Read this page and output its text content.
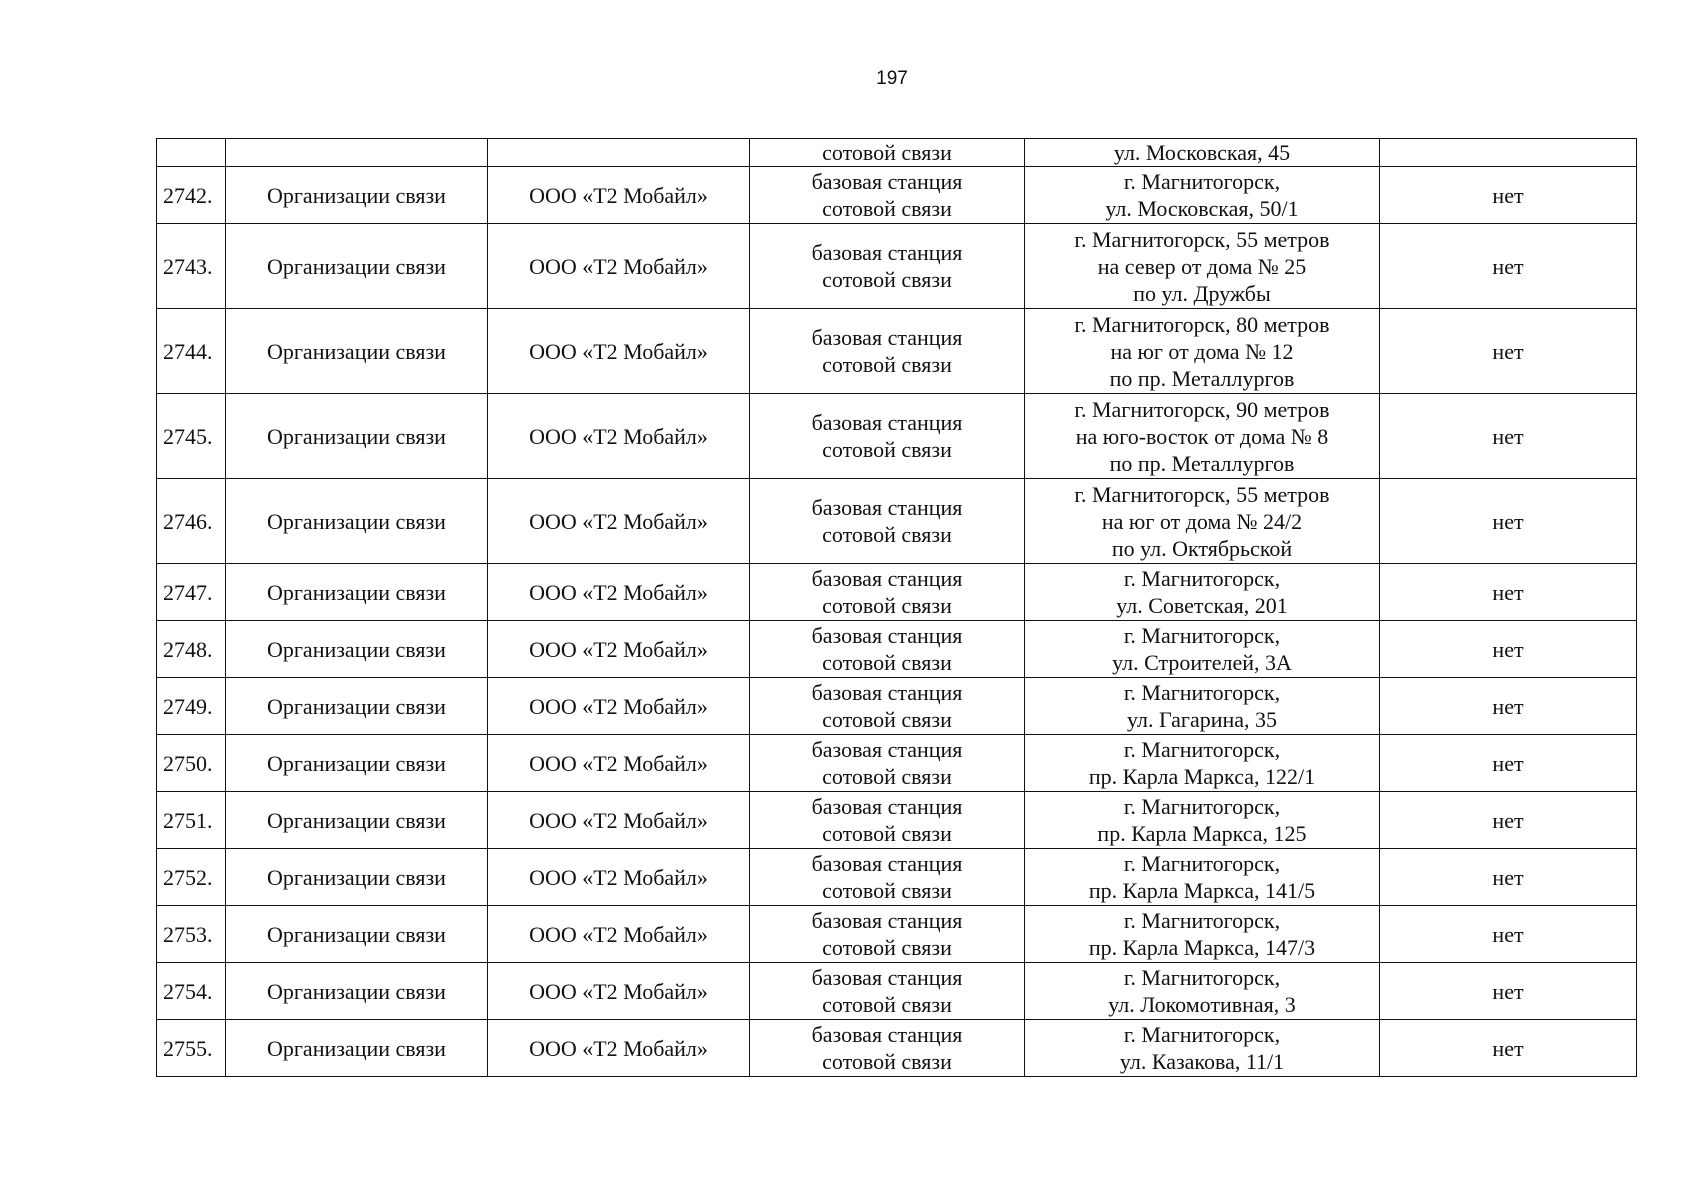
197

			сотовой связи	ул. Московская, 45	

2742.	Организации связи	ООО «Т2 Мобайл»	базовая станция
сотовой связи	г. Магнитогорск,
ул. Московская, 50/1	нет
2743.	Организации связи	ООО «Т2 Мобайл»	базовая станция
сотовой связи	г. Магнитогорск, 55 метров
на север от дома № 25
по ул. Дружбы	нет
2744.	Организации связи	ООО «Т2 Мобайл»	базовая станция
сотовой связи	г. Магнитогорск, 80 метров
на юг от дома № 12
по пр. Металлургов	нет
2745.	Организации связи	ООО «Т2 Мобайл»	базовая станция
сотовой связи	г. Магнитогорск, 90 метров
на юго-восток от дома № 8
по пр. Металлургов	нет
2746.	Организации связи	ООО «Т2 Мобайл»	базовая станция
сотовой связи	г. Магнитогорск, 55 метров
на юг от дома № 24/2
по ул. Октябрьской	нет
2747.	Организации связи	ООО «Т2 Мобайл»	базовая станция
сотовой связи	г. Магнитогорск,
ул. Советская, 201	нет
2748.	Организации связи	ООО «Т2 Мобайл»	базовая станция
сотовой связи	г. Магнитогорск,
ул. Строителей, 3А	нет
2749.	Организации связи	ООО «Т2 Мобайл»	базовая станция
сотовой связи	г. Магнитогорск,
ул. Гагарина, 35	нет
2750.	Организации связи	ООО «Т2 Мобайл»	базовая станция
сотовой связи	г. Магнитогорск,
пр. Карла Маркса, 122/1	нет
2751.	Организации связи	ООО «Т2 Мобайл»	базовая станция
сотовой связи	г. Магнитогорск,
пр. Карла Маркса, 125	нет
2752.	Организации связи	ООО «Т2 Мобайл»	базовая станция
сотовой связи	г. Магнитогорск,
пр. Карла Маркса, 141/5	нет
2753.	Организации связи	ООО «Т2 Мобайл»	базовая станция
сотовой связи	г. Магнитогорск,
пр. Карла Маркса, 147/3	нет
2754.	Организации связи	ООО «Т2 Мобайл»	базовая станция
сотовой связи	г. Магнитогорск,
ул. Локомотивная, 3	нет
2755.	Организации связи	ООО «Т2 Мобайл»	базовая станция
сотовой связи	г. Магнитогорск,
ул. Казакова, 11/1	нет
